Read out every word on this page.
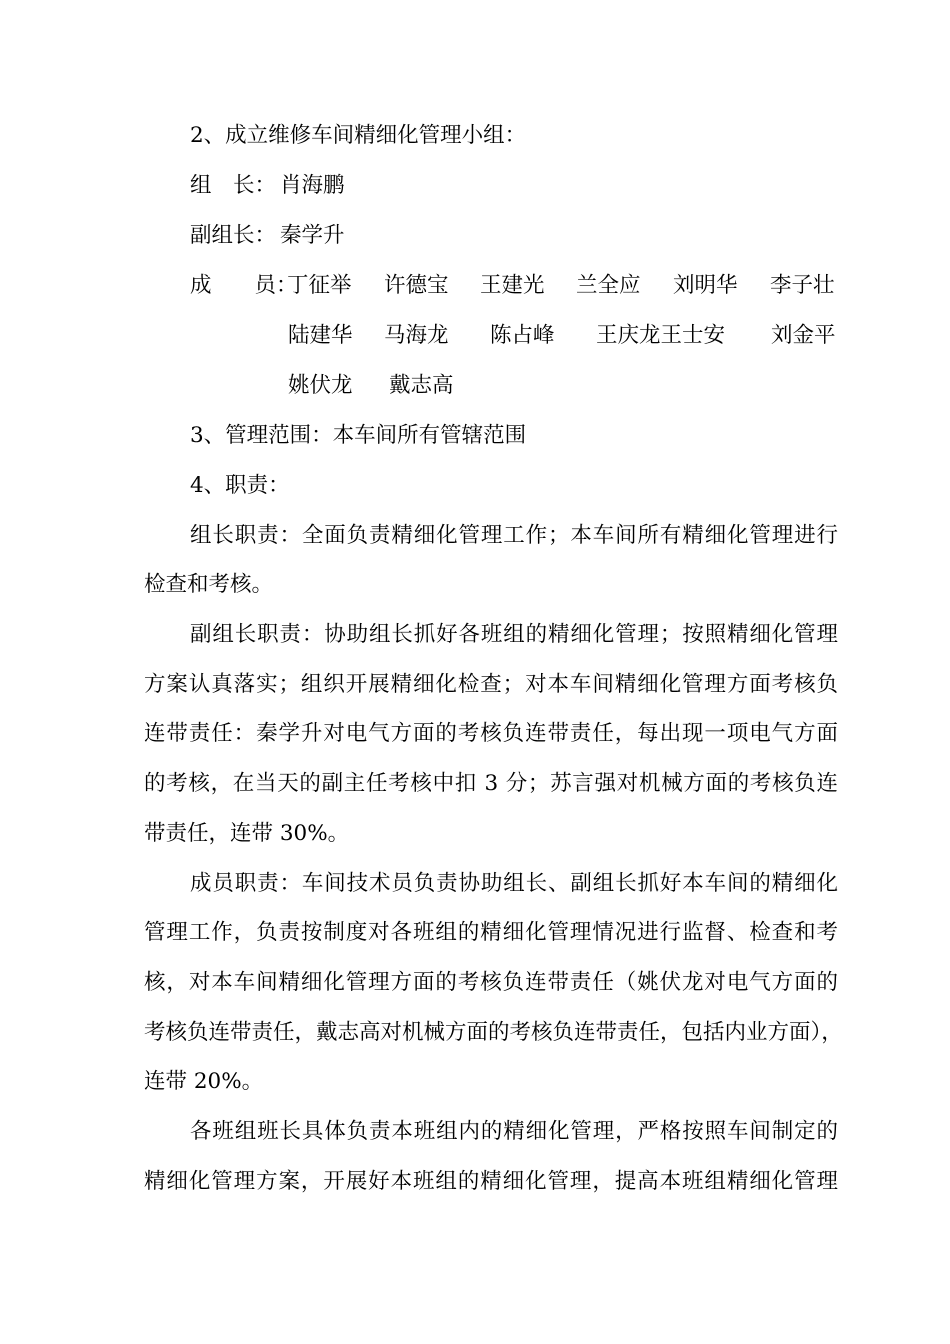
2、成立维修车间精细化管理小组：
组　长： 肖海鹏
副组长： 秦学升
成　　员：
丁征举 许德宝 王建光 兰全应 刘明华 李子壮
陆建华 马海龙 陈占峰 王庆龙王士安 刘金平
姚伏龙 戴志高
3、管理范围：本车间所有管辖范围
4、职责：
组长职责：全面负责精细化管理工作；本车间所有精细化管理进行
检查和考核。
副组长职责：协助组长抓好各班组的精细化管理；按照精细化管理
方案认真落实；组织开展精细化检查；对本车间精细化管理方面考核负
连带责任：秦学升对电气方面的考核负连带责任，每出现一项电气方面
的考核，在当天的副主任考核中扣 3 分；苏言强对机械方面的考核负连
带责任，连带 30%。
成员职责：车间技术员负责协助组长、副组长抓好本车间的精细化
管理工作，负责按制度对各班组的精细化管理情况进行监督、检查和考
核，对本车间精细化管理方面的考核负连带责任（姚伏龙对电气方面的
考核负连带责任，戴志高对机械方面的考核负连带责任，包括内业方面），
连带 20%。
各班组班长具体负责本班组内的精细化管理，严格按照车间制定的
精细化管理方案，开展好本班组的精细化管理，提高本班组精细化管理
